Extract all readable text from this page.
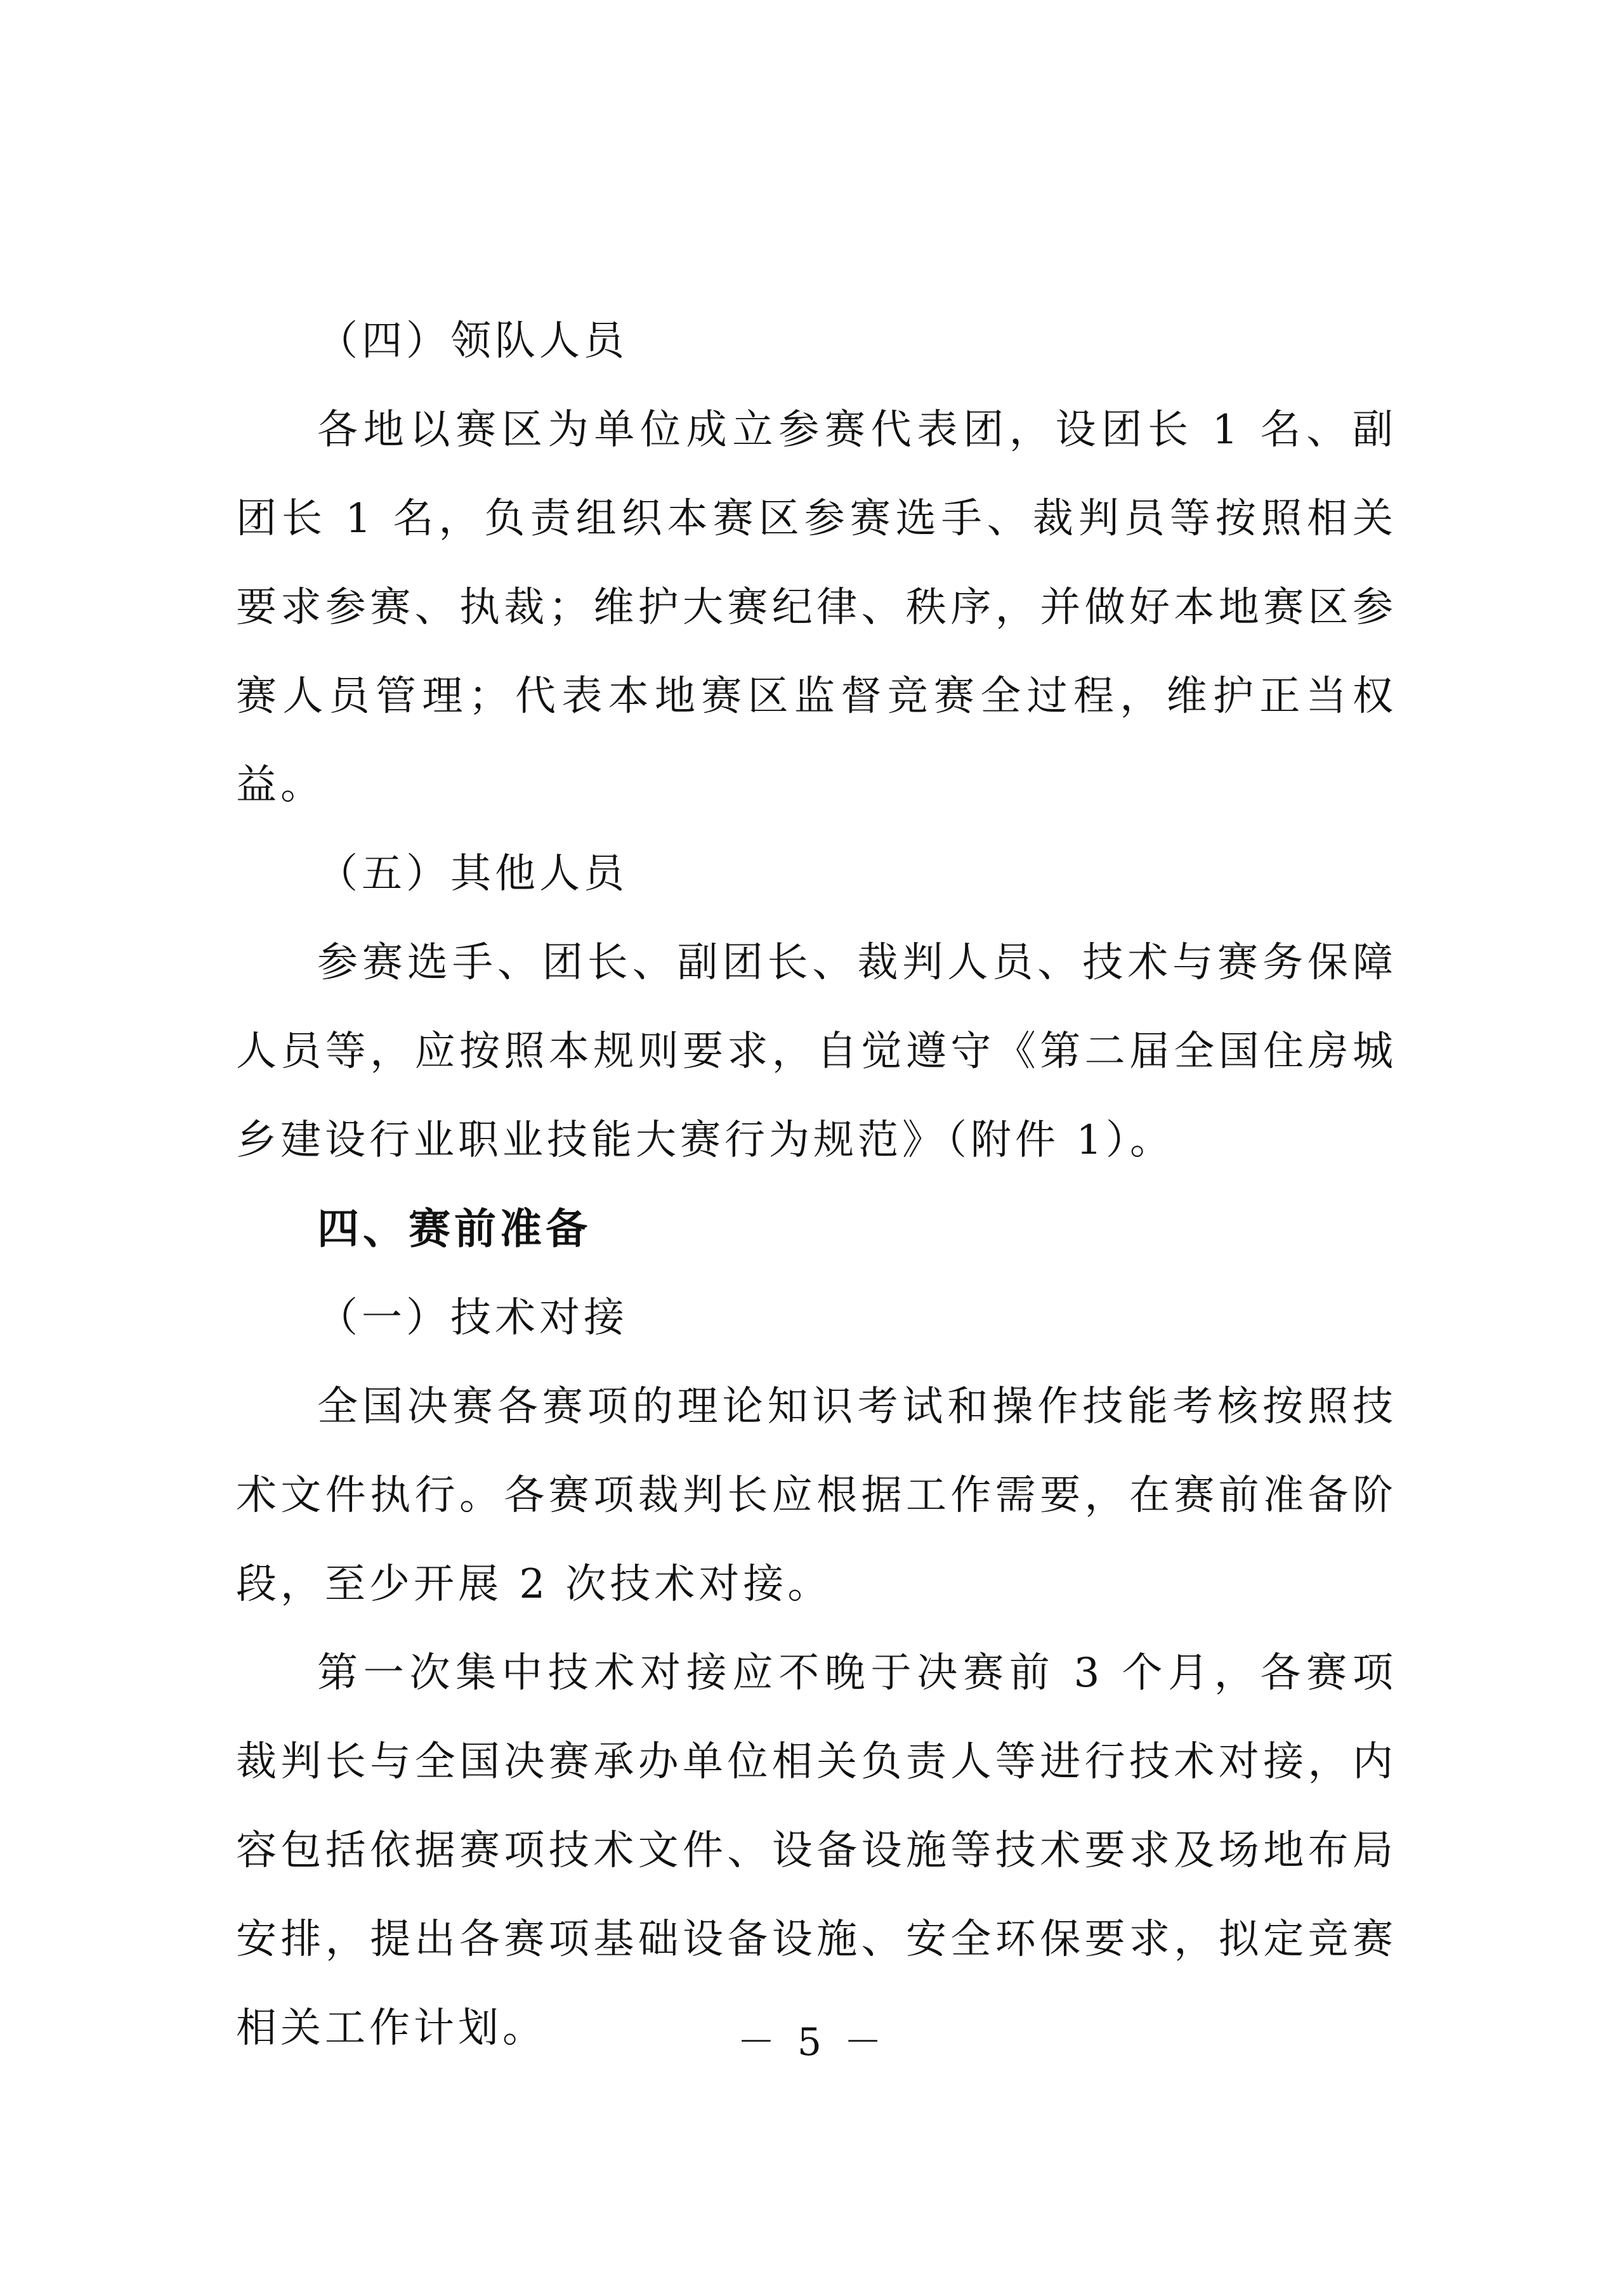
（四）领队人员
各地以赛区为单位成立参赛代表团，设团长 1 名、副团长 1 名，负责组织本赛区参赛选手、裁判员等按照相关要求参赛、执裁；维护大赛纪律、秩序，并做好本地赛区参赛人员管理；代表本地赛区监督竞赛全过程，维护正当权益。
（五）其他人员
参赛选手、团长、副团长、裁判人员、技术与赛务保障人员等，应按照本规则要求，自觉遵守《第二届全国住房城乡建设行业职业技能大赛行为规范》（附件 1）。
四、赛前准备
（一）技术对接
全国决赛各赛项的理论知识考试和操作技能考核按照技术文件执行。各赛项裁判长应根据工作需要，在赛前准备阶段，至少开展 2 次技术对接。
第一次集中技术对接应不晚于决赛前 3 个月，各赛项裁判长与全国决赛承办单位相关负责人等进行技术对接，内容包括依据赛项技术文件、设备设施等技术要求及场地布局安排，提出各赛项基础设备设施、安全环保要求，拟定竞赛相关工作计划。	－ 5 －
